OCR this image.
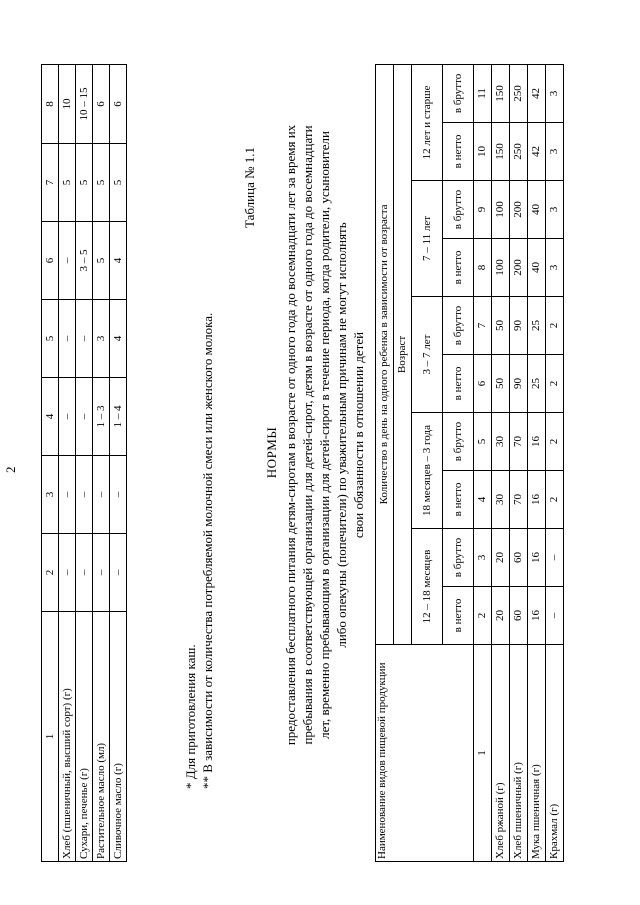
2
1	2	3	4	5	6	7	8
Хлеб (пшеничный, высший сорт) (г)	–	–	–	–	–	5	10
Сухари, печенье (г)	–	–	–	–	3 – 5	5	10 – 15
Растительное масло (мл)	–	–	1 – 3	3	5	5	6
Сливочное масло (г)	–	–	1 – 4	4	4	5	6
* Для приготовления каш. ** В зависимости от количества потребляемой молочной смеси или женского молока.
Таблица № 1.1
НОРМЫ предоставления бесплатного питания детям-сиротам в возрасте от одного года до восемнадцати лет за время их пребывания в соответствующей организации для детей-сирот, детям в возрасте от одного года до восемнадцати лет, временно пребывающим в организации для детей-сирот в течение периода, когда родители, усыновители либо опекуны (попечители) по уважительным причинам не могут исполнять свои обязанности в отношении детей
Наименование видов пищевой продукции	Количество в день на одного ребенка в зависимости от возраста									
	Возраст									
	12 – 18 месяцев		18 месяцев – 3 года		3 – 7 лет		7 – 11 лет		12 лет и старше	
	в нетто	в брутто	в нетто	в брутто	в нетто	в брутто	в нетто	в брутто	в нетто	в брутто
1	2	3	4	5	6	7	8	9	10	11
Хлеб ржаной (г)	20	20	30	30	50	50	100	100	150	150
Хлеб пшеничный (г)	60	60	70	70	90	90	200	200	250	250
Мука пшеничная (г)	16	16	16	16	25	25	40	40	42	42
Крахмал (г)	–	–	2	2	2	2	3	3	3	3
